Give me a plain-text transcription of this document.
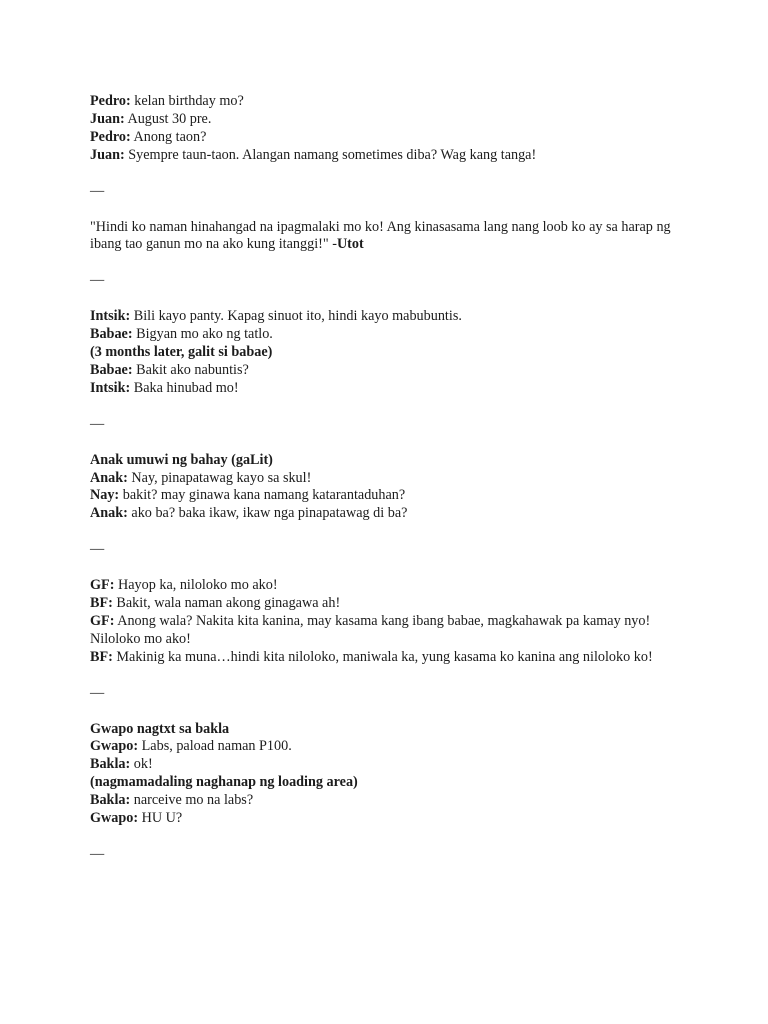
Pedro: kelan birthday mo?

Juan: August 30 pre.

Pedro: Anong taon?

Juan: Syempre taun-taon. Alangan namang sometimes diba? Wag kang tanga!

—

"Hindi ko naman hinahangad na ipagmalaki mo ko! Ang kinasasama lang nang loob ko ay sa harap ng ibang tao ganun mo na ako kung itanggi!" -Utot

—

Intsik: Bili kayo panty. Kapag sinuot ito, hindi kayo mabubuntis.

Babae: Bigyan mo ako ng tatlo.

(3 months later, galit si babae)

Babae: Bakit ako nabuntis?

Intsik: Baka hinubad mo!

—

Anak umuwi ng bahay (gaLit)

Anak: Nay, pinapatawag kayo sa skul!

Nay: bakit? may ginawa kana namang katarantaduhan?

Anak: ako ba? baka ikaw, ikaw nga pinapatawag di ba?

—

GF: Hayop ka, niloloko mo ako!

BF: Bakit, wala naman akong ginagawa ah!

GF: Anong wala? Nakita kita kanina, may kasama kang ibang babae, magkahawak pa kamay nyo! Niloloko mo ako!

BF: Makinig ka muna…hindi kita niloloko, maniwala ka, yung kasama ko kanina ang niloloko ko!

—

Gwapo nagtxt sa bakla

Gwapo: Labs, paload naman P100.

Bakla: ok!

(nagmamadaling naghanap ng loading area)

Bakla: narceive mo na labs?

Gwapo: HU U?

—
